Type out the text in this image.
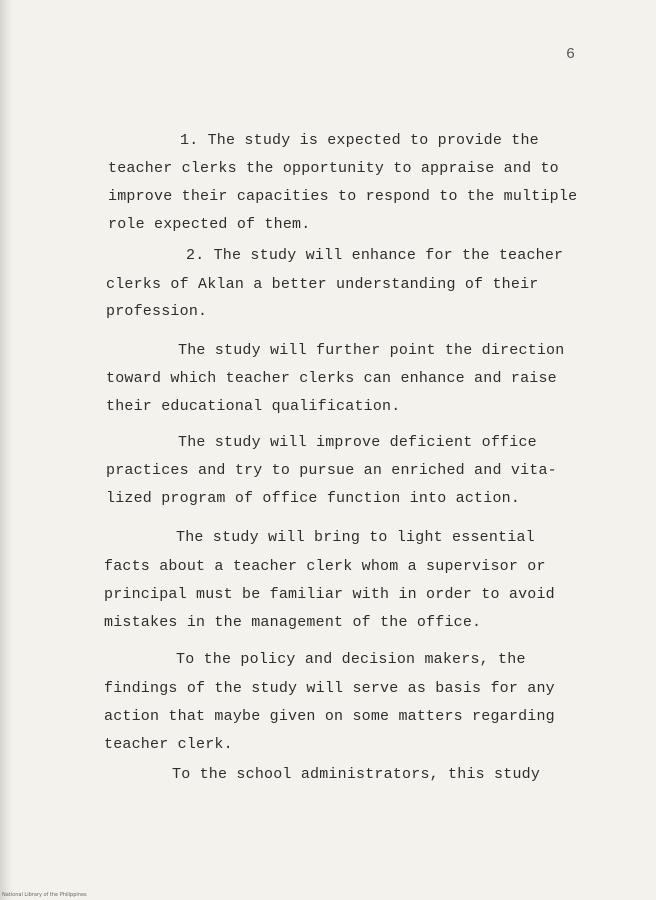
6
1. The study is expected to provide the
teacher clerks the opportunity to appraise and to
improve their capacities to respond to the multiple
role expected of them.
2. The study will enhance for the teacher
clerks of Aklan a better understanding of their
profession.
The study will further point the direction
toward which teacher clerks can enhance and raise
their educational qualification.
The study will improve deficient office
practices and try to pursue an enriched and vita-
lized program of office function into action.
The study will bring to light essential
facts about a teacher clerk whom a supervisor or
principal must be familiar with in order to avoid
mistakes in the management of the office.
To the policy and decision makers, the
findings of the study will serve as basis for any
action that maybe given on some matters regarding
teacher clerk.
To the school administrators, this study
National Library of the Philippines
